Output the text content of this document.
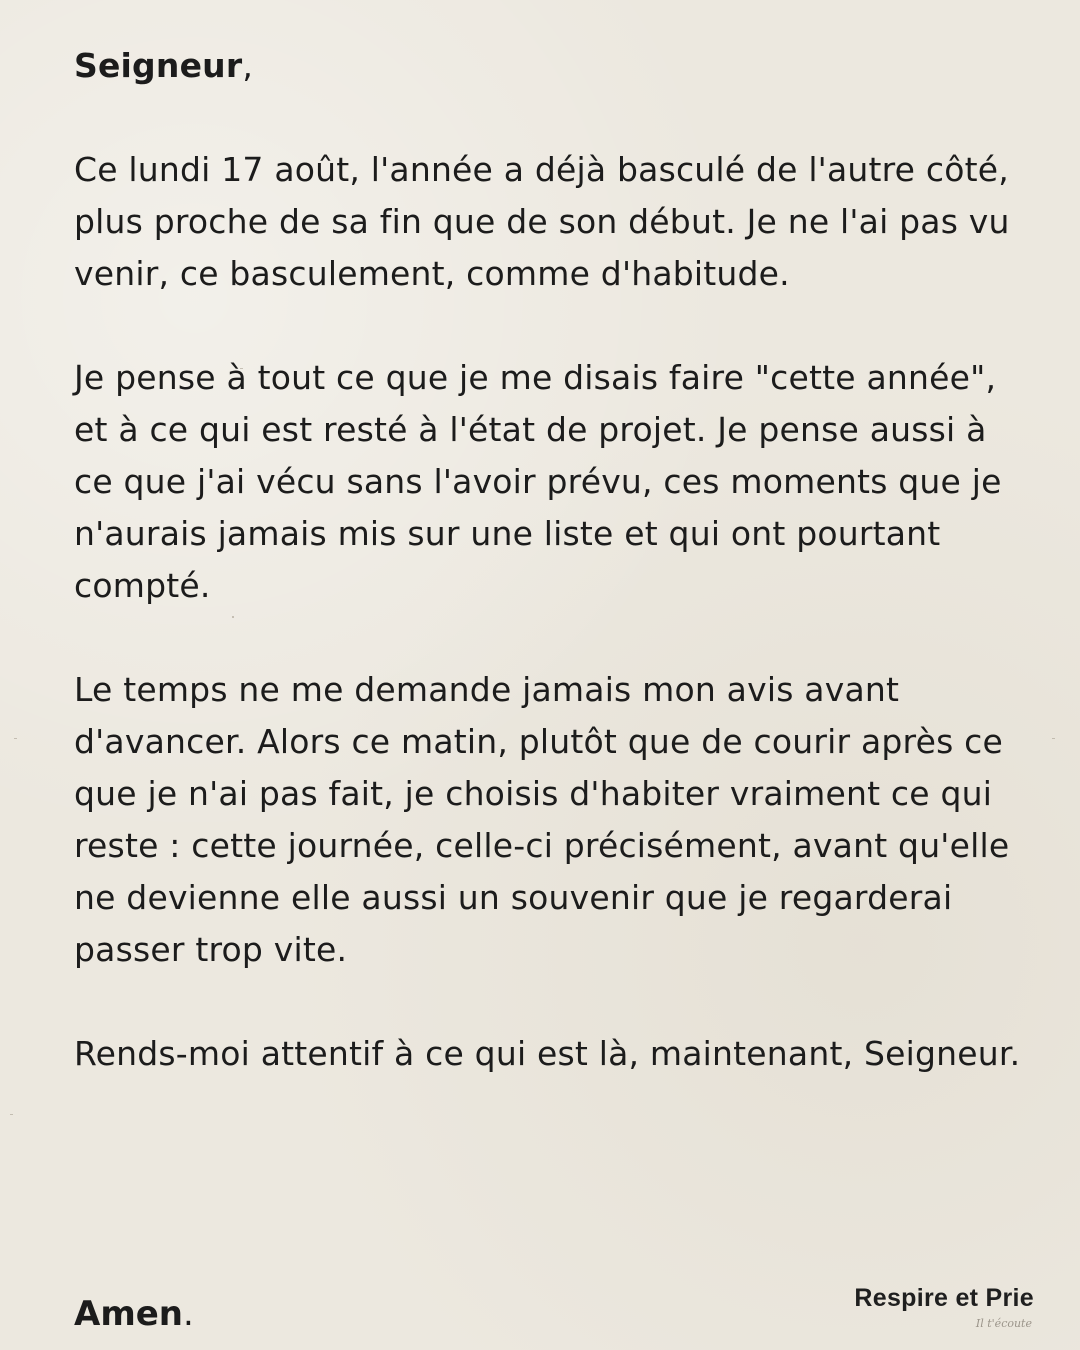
Seigneur,

Ce lundi 17 août, l'année a déjà basculé de l'autre côté, plus proche de sa fin que de son début. Je ne l'ai pas vu venir, ce basculement, comme d'habitude.

Je pense à tout ce que je me disais faire "cette année", et à ce qui est resté à l'état de projet. Je pense aussi à ce que j'ai vécu sans l'avoir prévu, ces moments que je n'aurais jamais mis sur une liste et qui ont pourtant compté.

Le temps ne me demande jamais mon avis avant d'avancer. Alors ce matin, plutôt que de courir après ce que je n'ai pas fait, je choisis d'habiter vraiment ce qui reste : cette journée, celle-ci précisément, avant qu'elle ne devienne elle aussi un souvenir que je regarderai passer trop vite.

Rends-moi attentif à ce qui est là, maintenant, Seigneur.

Amen.	Respire et Prie
Il t'écoute
